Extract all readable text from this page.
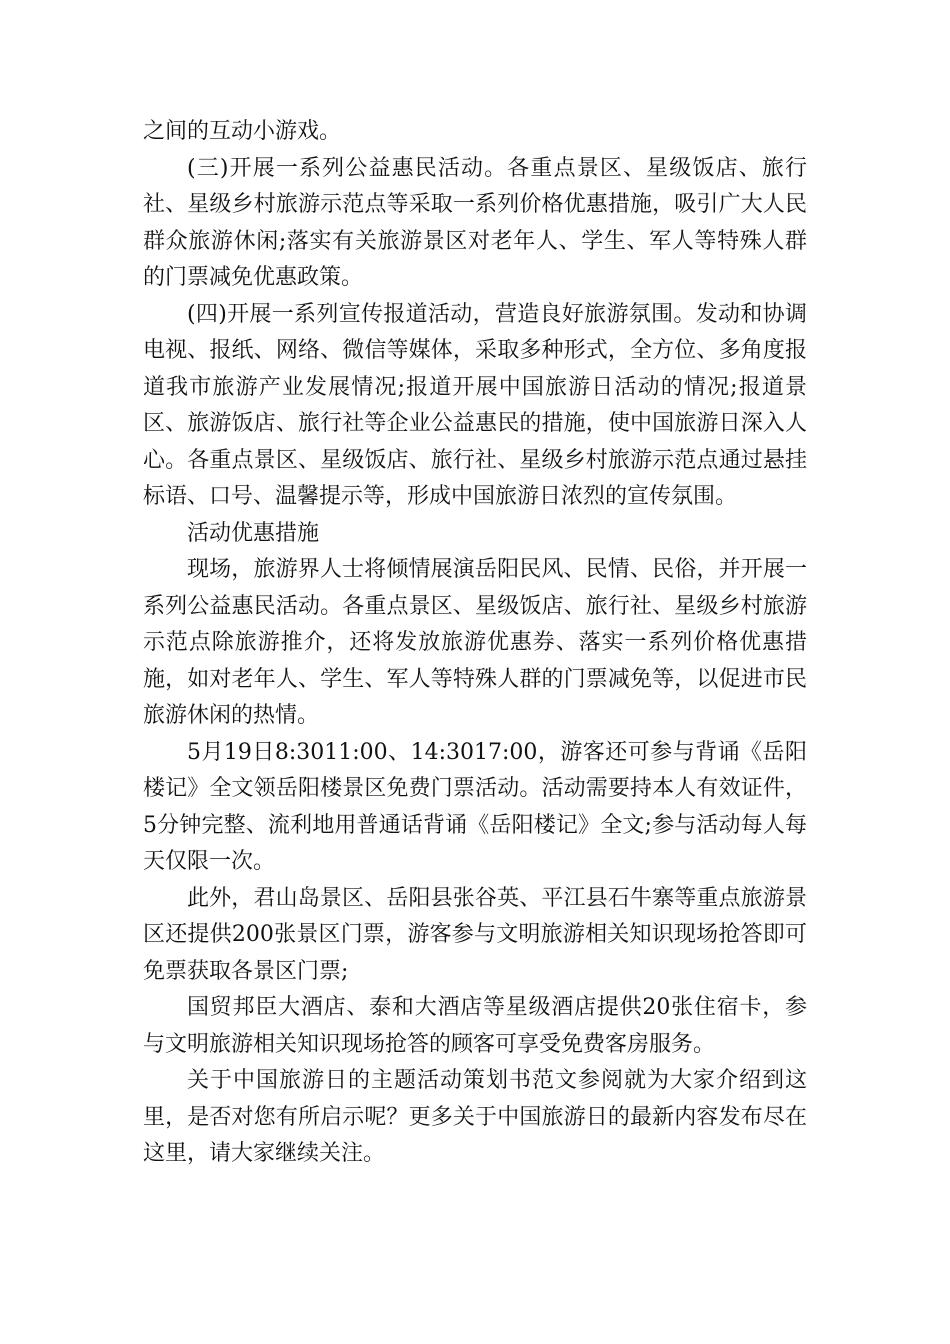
之间的互动小游戏。

(三)开展一系列公益惠民活动。各重点景区、星级饭店、旅行社、星级乡村旅游示范点等采取一系列价格优惠措施，吸引广大人民群众旅游休闲;落实有关旅游景区对老年人、学生、军人等特殊人群的门票减免优惠政策。

(四)开展一系列宣传报道活动，营造良好旅游氛围。发动和协调电视、报纸、网络、微信等媒体，采取多种形式，全方位、多角度报道我市旅游产业发展情况;报道开展中国旅游日活动的情况;报道景区、旅游饭店、旅行社等企业公益惠民的措施，使中国旅游日深入人心。各重点景区、星级饭店、旅行社、星级乡村旅游示范点通过悬挂标语、口号、温馨提示等，形成中国旅游日浓烈的宣传氛围。

活动优惠措施

现场，旅游界人士将倾情展演岳阳民风、民情、民俗，并开展一系列公益惠民活动。各重点景区、星级饭店、旅行社、星级乡村旅游示范点除旅游推介，还将发放旅游优惠券、落实一系列价格优惠措施，如对老年人、学生、军人等特殊人群的门票减免等，以促进市民旅游休闲的热情。

5月19日8:3011:00、14:3017:00，游客还可参与背诵《岳阳楼记》全文领岳阳楼景区免费门票活动。活动需要持本人有效证件，5分钟完整、流利地用普通话背诵《岳阳楼记》全文;参与活动每人每天仅限一次。

此外，君山岛景区、岳阳县张谷英、平江县石牛寨等重点旅游景区还提供200张景区门票，游客参与文明旅游相关知识现场抢答即可免票获取各景区门票;

国贸邦臣大酒店、泰和大酒店等星级酒店提供20张住宿卡，参与文明旅游相关知识现场抢答的顾客可享受免费客房服务。

关于中国旅游日的主题活动策划书范文参阅就为大家介绍到这里，是否对您有所启示呢？更多关于中国旅游日的最新内容发布尽在这里，请大家继续关注。
